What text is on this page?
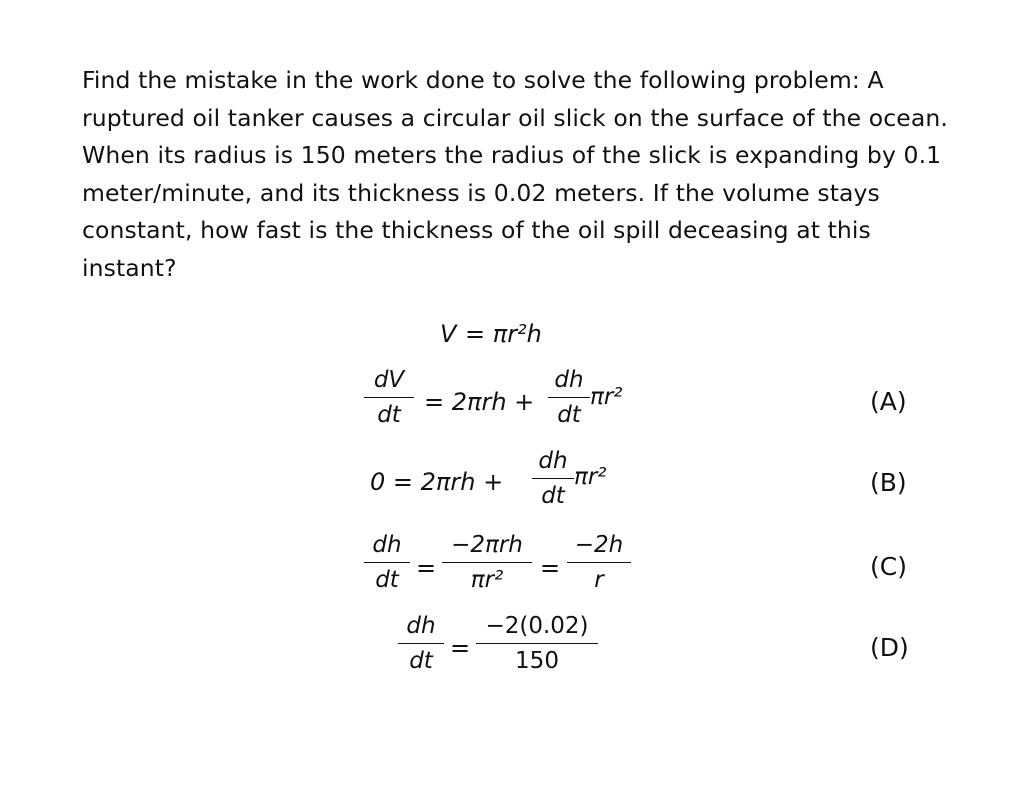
Find the mistake in the work done to solve the following problem: A ruptured oil tanker causes a circular oil slick on the surface of the ocean. When its radius is 150 meters the radius of the slick is expanding by 0.1 meter/minute, and its thickness is 0.02 meters. If the volume stays constant, how fast is the thickness of the oil spill deceasing at this instant?

V = πr²h
$\frac{dV}{dt} = 2\pi rh + \frac{dh}{dt} \pi r^2$	(A)
$0 = 2\pi rh + \frac{dh}{dt} \pi r^2$	(B)
$\frac{dh}{dt}$ =
−2πrh
πr²	= $\frac{-2h}{r}$	(C)
$\frac{dh}{dt} = \frac{-2(0.02)}{150}$	(D)
